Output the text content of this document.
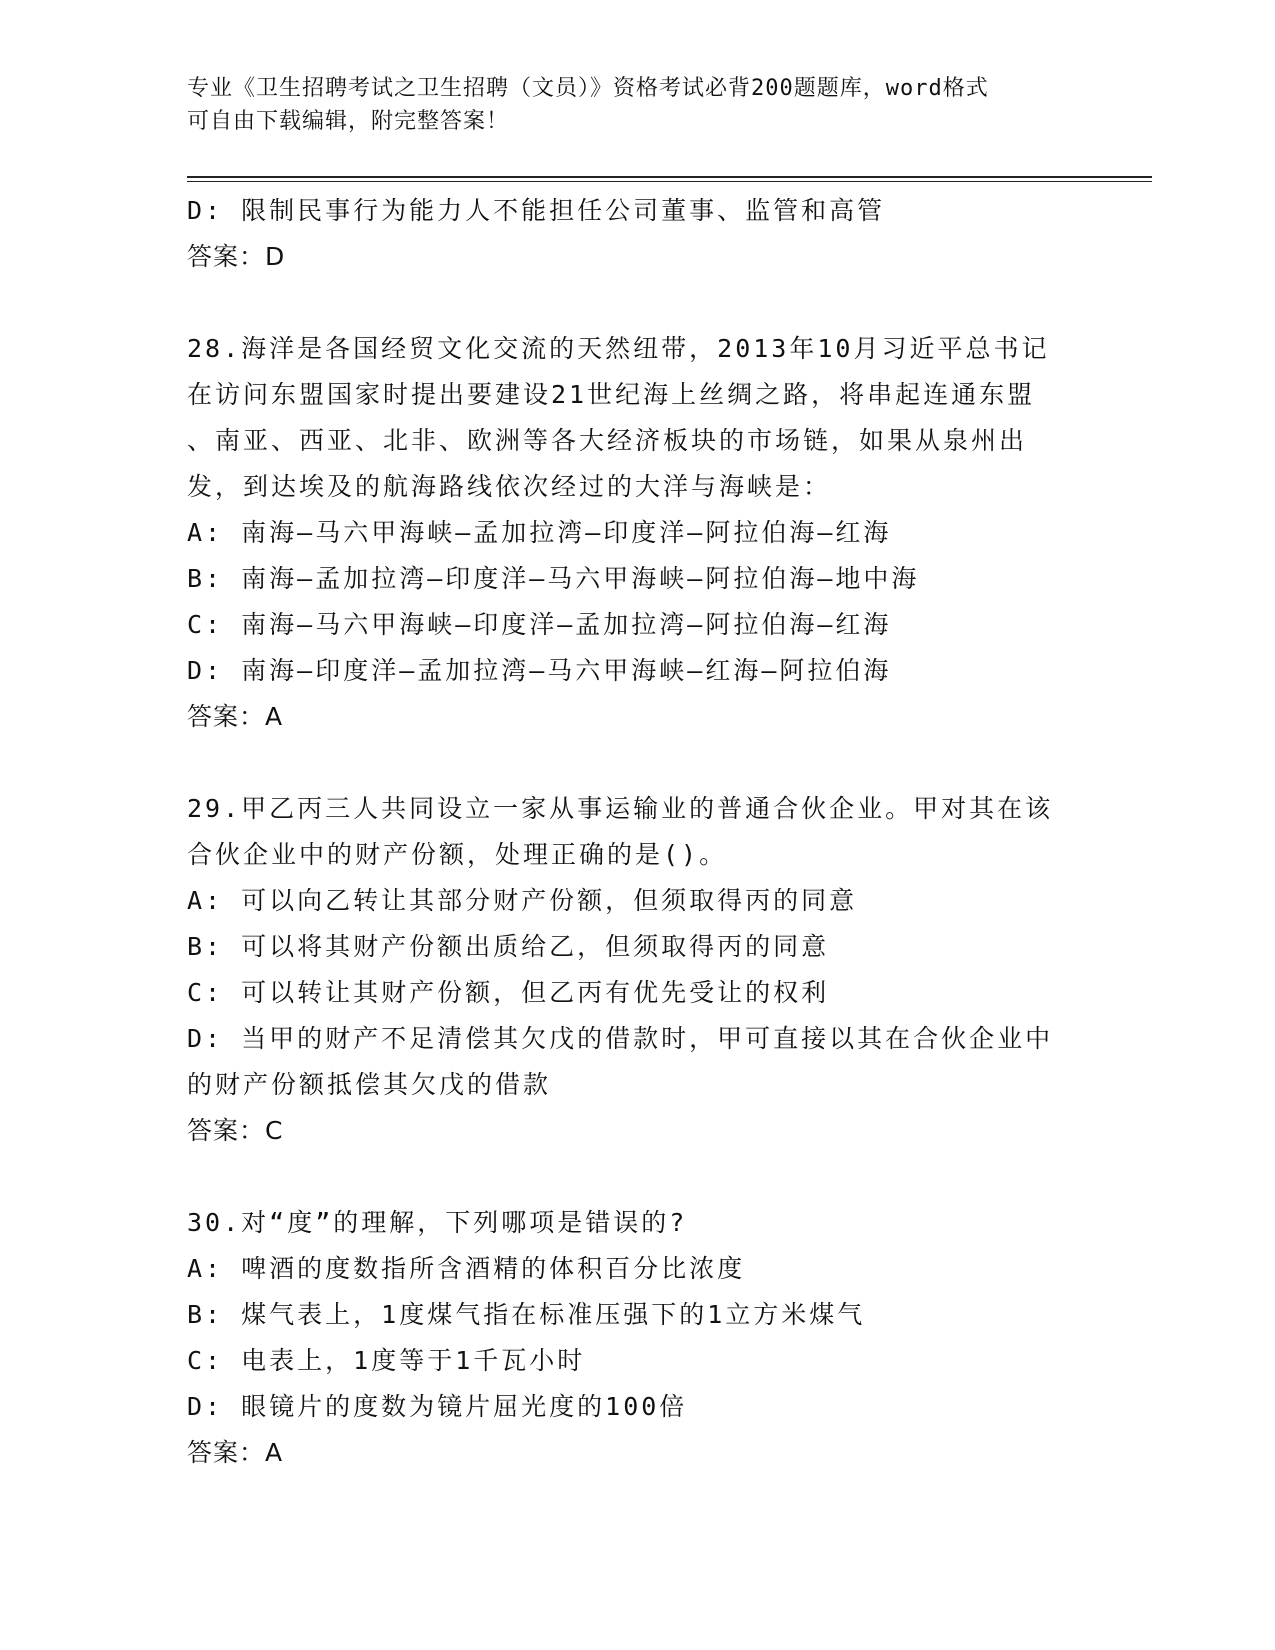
专业《卫生招聘考试之卫生招聘（文员）》资格考试必背200题题库，word格式
可自由下载编辑，附完整答案！
D: 限制民事行为能力人不能担任公司董事、监管和高管
答案：D
28.海洋是各国经贸文化交流的天然纽带，2013年10月习近平总书记
在访问东盟国家时提出要建设21世纪海上丝绸之路，将串起连通东盟
、南亚、西亚、北非、欧洲等各大经济板块的市场链，如果从泉州出
发，到达埃及的航海路线依次经过的大洋与海峡是：
A: 南海—马六甲海峡—孟加拉湾—印度洋—阿拉伯海—红海
B: 南海—孟加拉湾—印度洋—马六甲海峡—阿拉伯海—地中海
C: 南海—马六甲海峡—印度洋—孟加拉湾—阿拉伯海—红海
D: 南海—印度洋—孟加拉湾—马六甲海峡—红海—阿拉伯海
答案：A
29.甲乙丙三人共同设立一家从事运输业的普通合伙企业。甲对其在该
合伙企业中的财产份额，处理正确的是()。
A: 可以向乙转让其部分财产份额，但须取得丙的同意
B: 可以将其财产份额出质给乙，但须取得丙的同意
C: 可以转让其财产份额，但乙丙有优先受让的权利
D: 当甲的财产不足清偿其欠戊的借款时，甲可直接以其在合伙企业中
的财产份额抵偿其欠戊的借款
答案：C
30.对“度”的理解，下列哪项是错误的?
A: 啤酒的度数指所含酒精的体积百分比浓度
B: 煤气表上，1度煤气指在标准压强下的1立方米煤气
C: 电表上，1度等于1千瓦小时
D: 眼镜片的度数为镜片屈光度的100倍
答案：A
